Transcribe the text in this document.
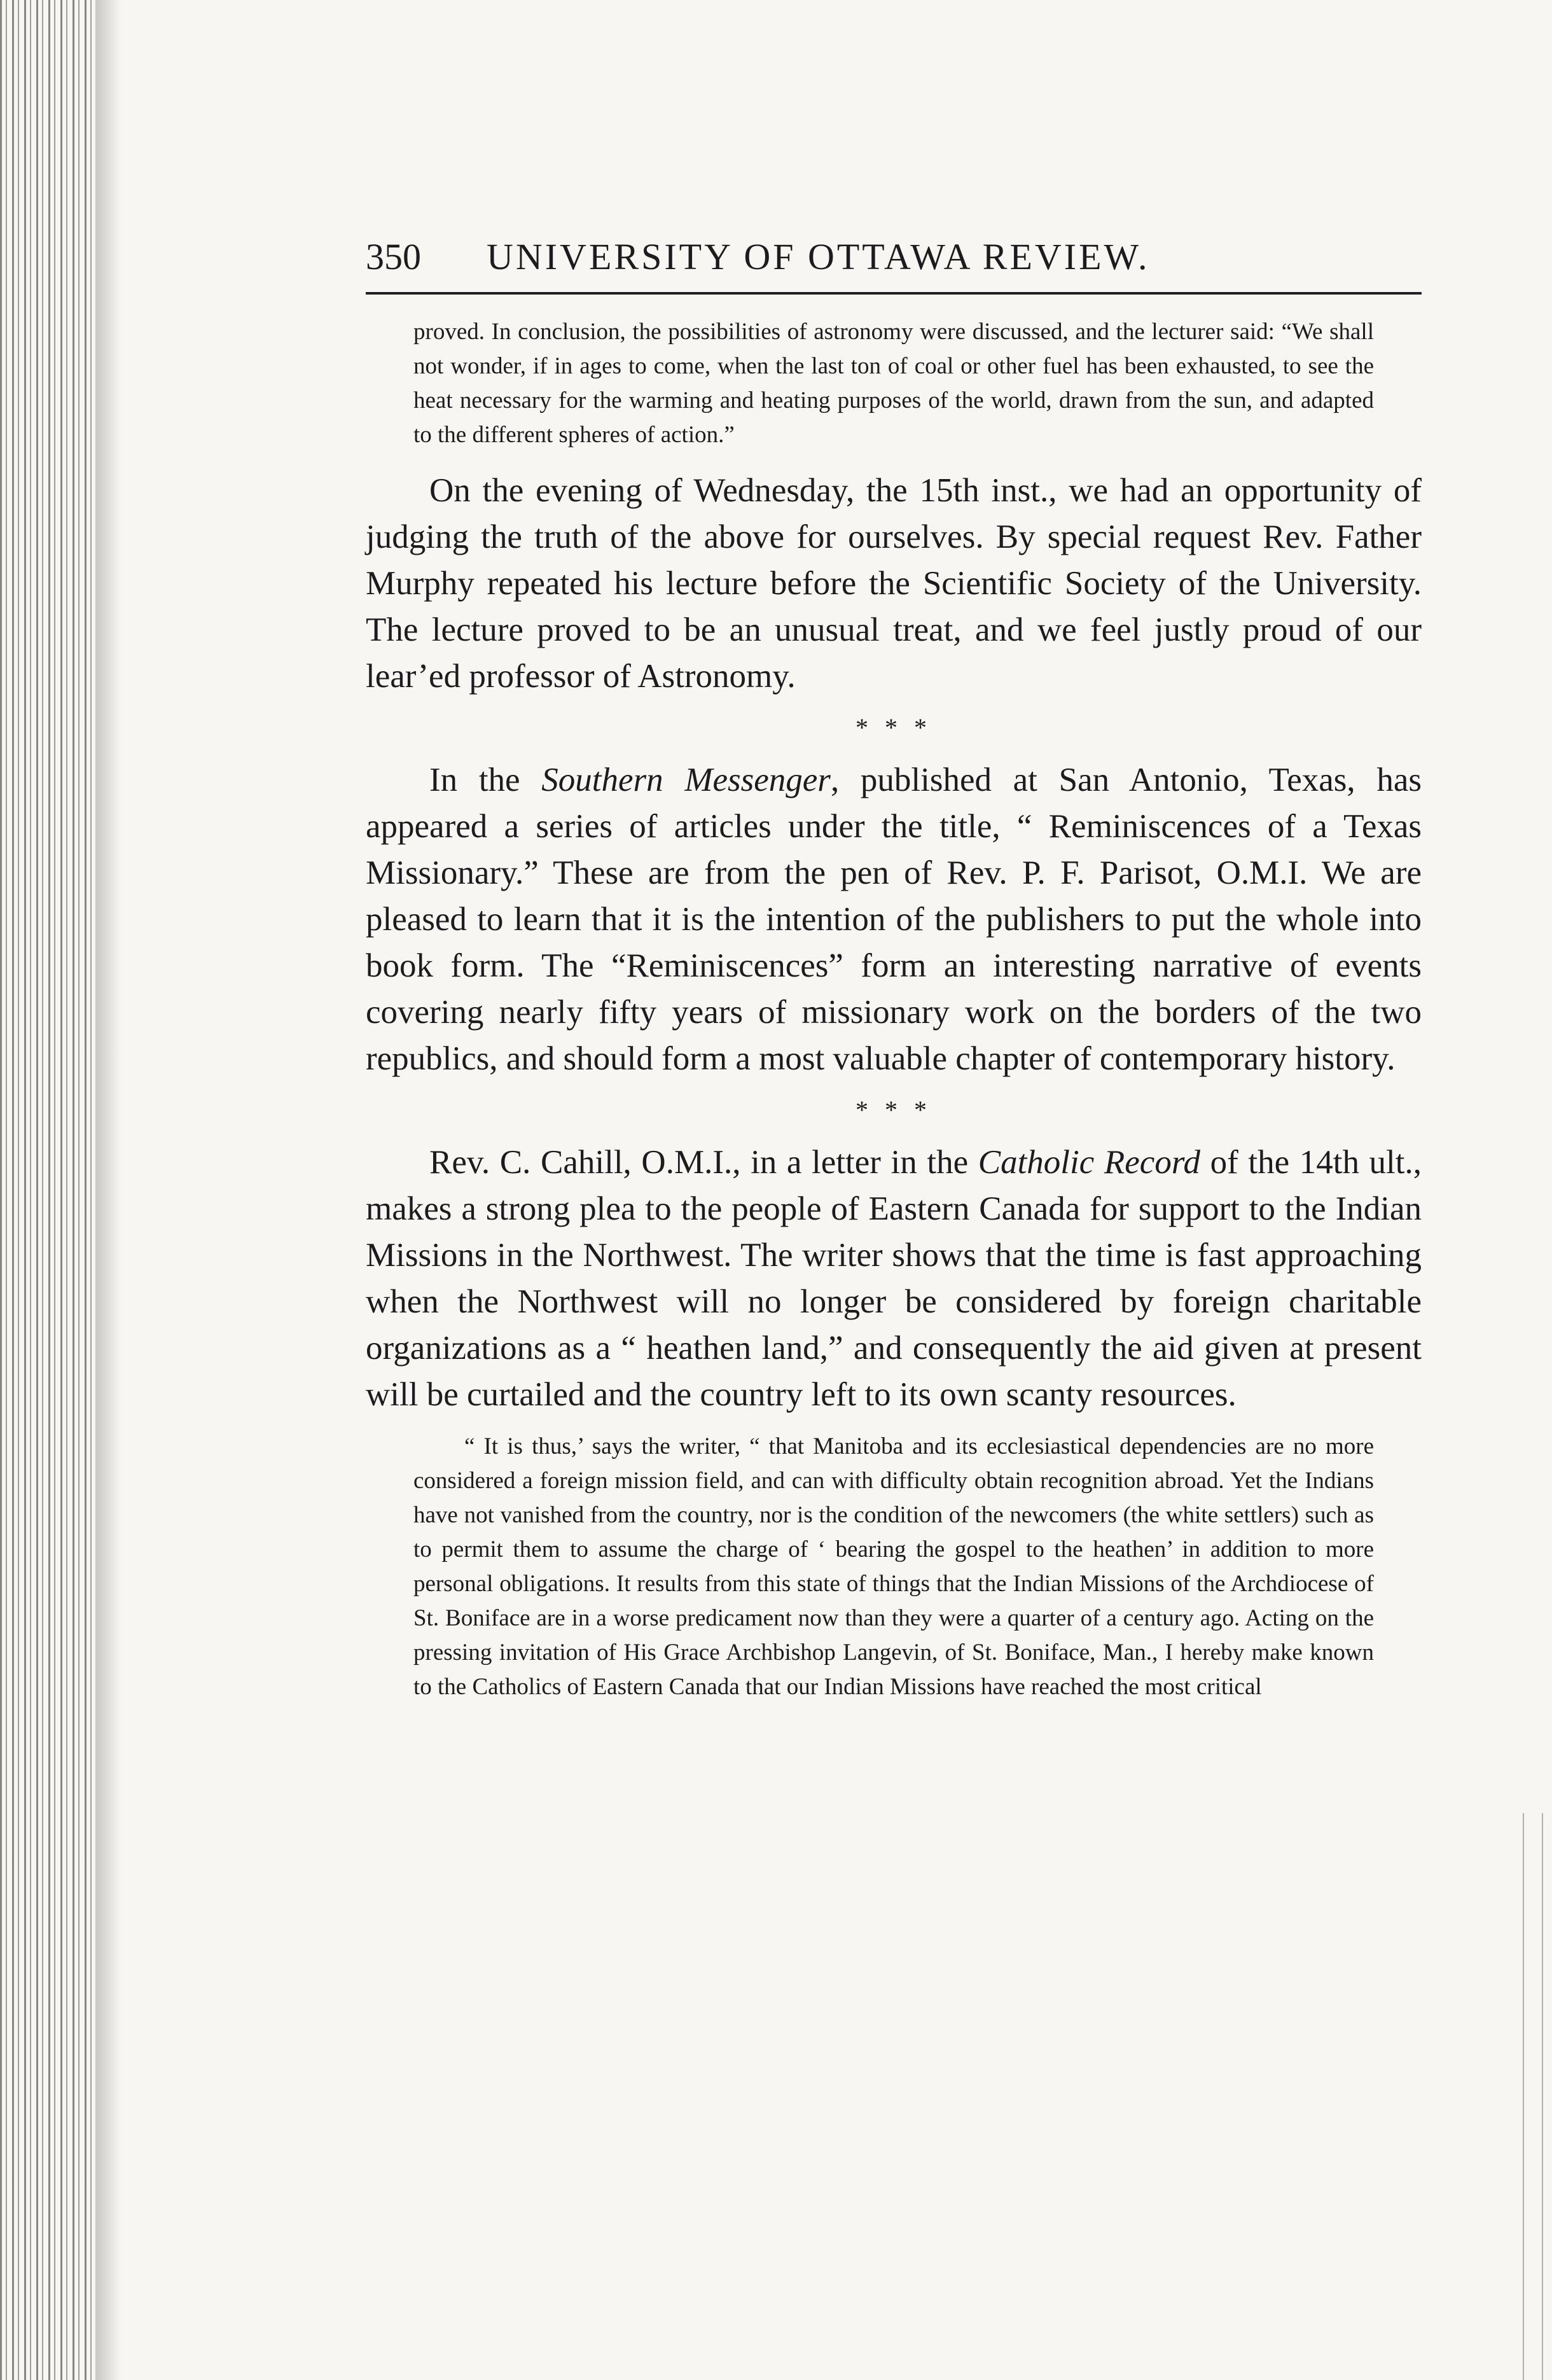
350	UNIVERSITY OF OTTAWA REVIEW.

proved. In conclusion, the possibilities of astronomy were discussed, and the lecturer said: “We shall not wonder, if in ages to come, when the last ton of coal or other fuel has been exhausted, to see the heat necessary for the warming and heating purposes of the world, drawn from the sun, and adapted to the different spheres of action.”

On the evening of Wednesday, the 15th inst., we had an opportunity of judging the truth of the above for ourselves. By special request Rev. Father Murphy repeated his lecture before the Scientific Society of the University. The lecture proved to be an unusual treat, and we feel justly proud of our lear’ed professor of Astronomy.

* * *

In the Southern Messenger, published at San Antonio, Texas, has appeared a series of articles under the title, “ Reminiscences of a Texas Missionary.” These are from the pen of Rev. P. F. Parisot, O.M.I. We are pleased to learn that it is the intention of the publishers to put the whole into book form. The “Reminiscences” form an interesting narrative of events covering nearly fifty years of missionary work on the borders of the two republics, and should form a most valuable chapter of contemporary history.

* * *

Rev. C. Cahill, O.M.I., in a letter in the Catholic Record of the 14th ult., makes a strong plea to the people of Eastern Canada for support to the Indian Missions in the Northwest. The writer shows that the time is fast approaching when the Northwest will no longer be considered by foreign charitable organizations as a “ heathen land,” and consequently the aid given at present will be curtailed and the country left to its own scanty resources.

“ It is thus,’ says the writer, “ that Manitoba and its ecclesiastical dependencies are no more considered a foreign mission field, and can with difficulty obtain recognition abroad. Yet the Indians have not vanished from the country, nor is the condition of the newcomers (the white settlers) such as to permit them to assume the charge of ‘ bearing the gospel to the heathen’ in addition to more personal obligations. It results from this state of things that the Indian Missions of the Archdiocese of St. Boniface are in a worse predicament now than they were a quarter of a century ago. Acting on the pressing invitation of His Grace Archbishop Langevin, of St. Boniface, Man., I hereby make known to the Catholics of Eastern Canada that our Indian Missions have reached the most critical
